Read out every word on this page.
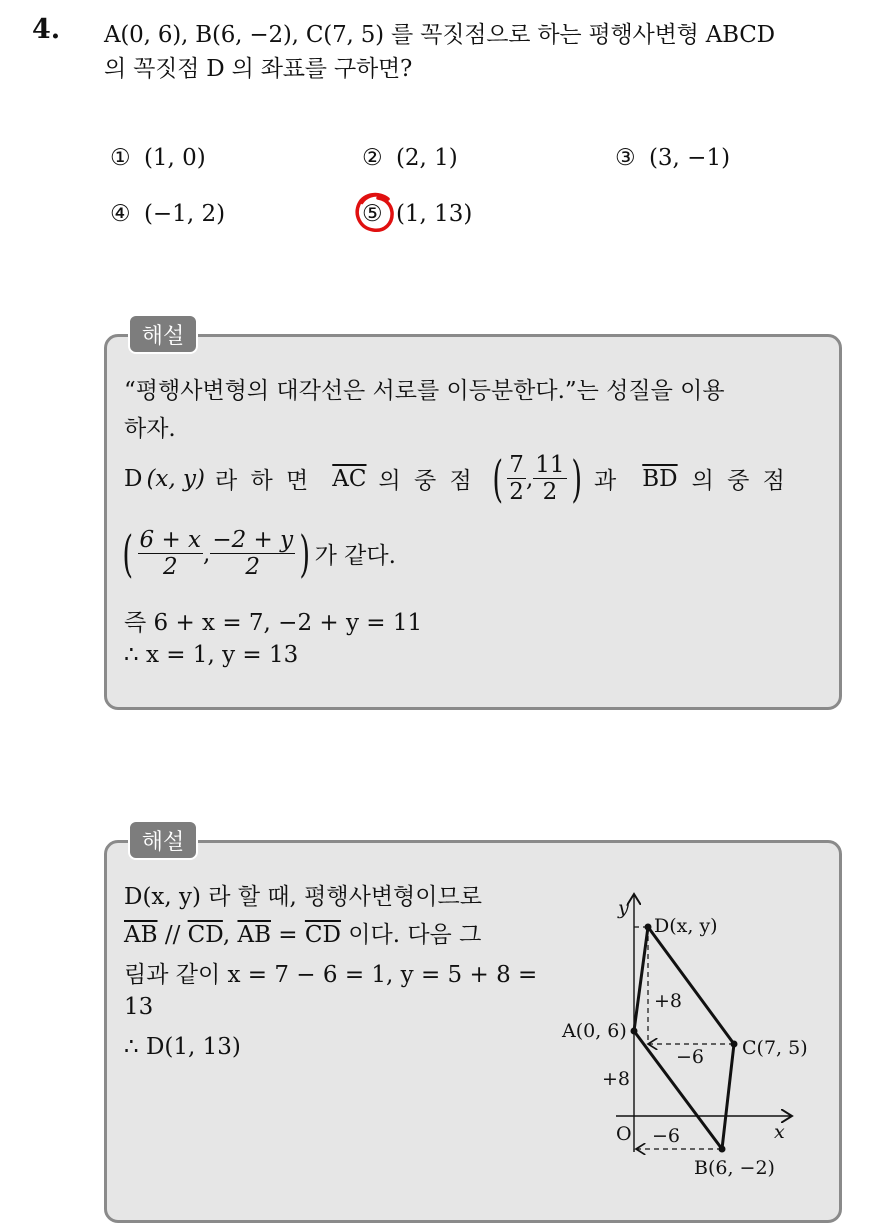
4. A(0, 6), B(6, −2), C(7, 5) 를 꼭짓점으로 하는 평행사변형 ABCD
의 꼭짓점 D 의 좌표를 구하면?
① (1, 0)	② (2, 1)	③ (3, −1)
④ (−1, 2)	⑤ (1, 13)
해설
“평행사변형의 대각선은 서로를 이등분한다.”는 성질을 이용
하자.
D (x, y) 라 하 면 $\overline{AC}$ 의 중 점 ( $\frac{7}{2}$ , $\frac{11}{2}$ ) 과 $\overline{BD}$ 의 중 점
( $\frac{6 + x}{2}$ , $\frac{-2 + y}{2}$ ) 가 같다.
즉 6 + x = 7, −2 + y = 11
∴ x = 1, y = 13
해설
D(x, y) 라 할 때, 평행사변형이므로
$\overline{AB} // \overline{CD}$, $\overline{AB} = \overline{CD}$ 이다. 다음 그
림과 같이 x = 7 − 6 = 1, y = 5 + 8 =
13
∴ D(1, 13)
y
x
O
D(x, y)
A(0, 6)
C(7, 5)
B(6, −2)
+8
−6
+8
−6
